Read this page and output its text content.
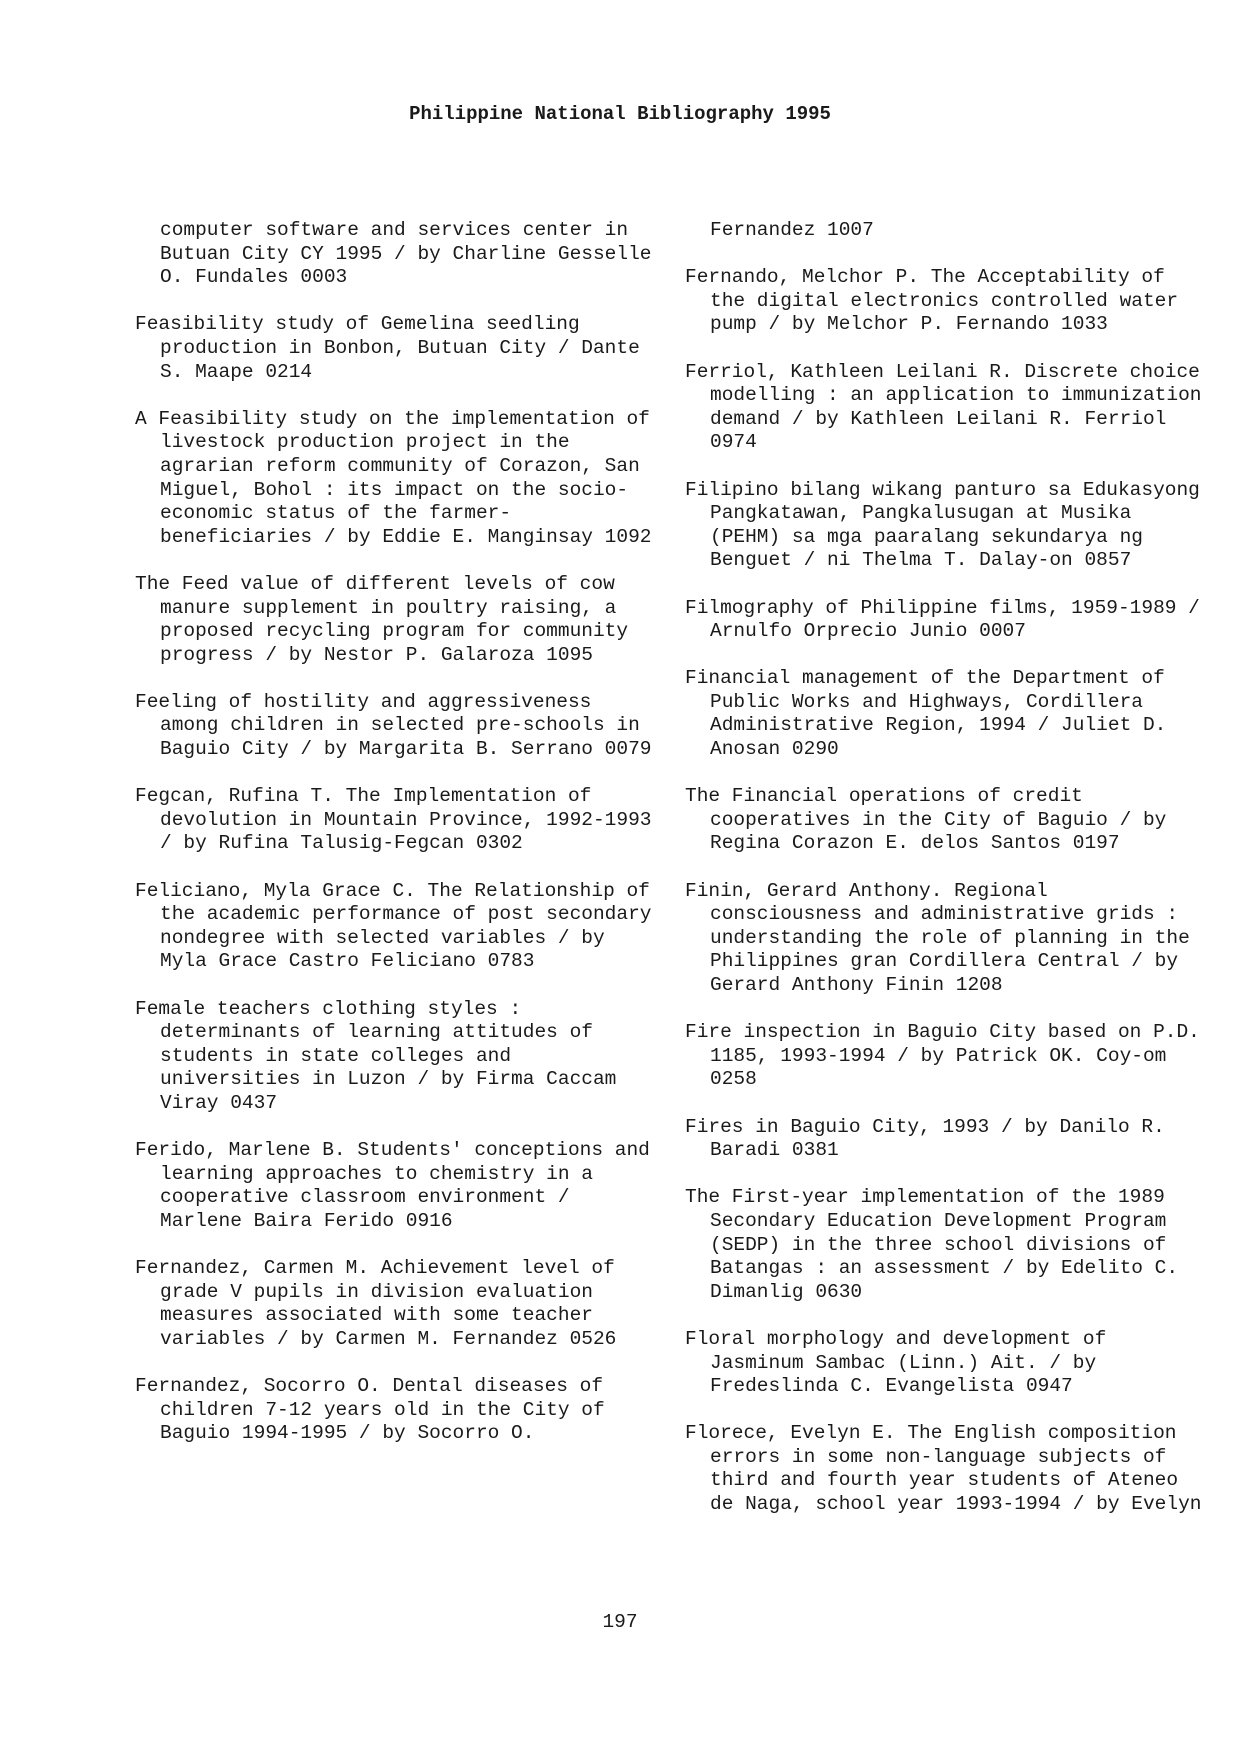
Philippine National Bibliography 1995

computer software and services center in Butuan City CY 1995 / by Charline Gesselle O. Fundales 0003

Feasibility study of Gemelina seedling production in Bonbon, Butuan City / Dante S. Maape 0214

A Feasibility study on the implementation of livestock production project in the agrarian reform community of Corazon, San Miguel, Bohol : its impact on the socio-economic status of the farmer-beneficiaries / by Eddie E. Manginsay 1092

The Feed value of different levels of cow manure supplement in poultry raising, a proposed recycling program for community progress / by Nestor P. Galaroza 1095

Feeling of hostility and aggressiveness among children in selected pre-schools in Baguio City / by Margarita B. Serrano 0079

Fegcan, Rufina T. The Implementation of devolution in Mountain Province, 1992-1993 / by Rufina Talusig-Fegcan 0302

Feliciano, Myla Grace C. The Relationship of the academic performance of post secondary nondegree with selected variables / by Myla Grace Castro Feliciano 0783

Female teachers clothing styles : determinants of learning attitudes of students in state colleges and universities in Luzon / by Firma Caccam Viray 0437

Ferido, Marlene B. Students' conceptions and learning approaches to chemistry in a cooperative classroom environment / Marlene Baira Ferido 0916

Fernandez, Carmen M. Achievement level of grade V pupils in division evaluation measures associated with some teacher variables / by Carmen M. Fernandez 0526

Fernandez, Socorro O. Dental diseases of children 7-12 years old in the City of Baguio 1994-1995 / by Socorro O.

Fernandez 1007

Fernando, Melchor P. The Acceptability of the digital electronics controlled water pump / by Melchor P. Fernando 1033

Ferriol, Kathleen Leilani R. Discrete choice modelling : an application to immunization demand / by Kathleen Leilani R. Ferriol 0974

Filipino bilang wikang panturo sa Edukasyong Pangkatawan, Pangkalusugan at Musika (PEHM) sa mga paaralang sekundarya ng Benguet / ni Thelma T. Dalay-on 0857

Filmography of Philippine films, 1959-1989 / Arnulfo Orprecio Junio 0007

Financial management of the Department of Public Works and Highways, Cordillera Administrative Region, 1994 / Juliet D. Anosan 0290

The Financial operations of credit cooperatives in the City of Baguio / by Regina Corazon E. delos Santos 0197

Finin, Gerard Anthony. Regional consciousness and administrative grids : understanding the role of planning in the Philippines gran Cordillera Central / by Gerard Anthony Finin 1208

Fire inspection in Baguio City based on P.D. 1185, 1993-1994 / by Patrick OK. Coy-om 0258

Fires in Baguio City, 1993 / by Danilo R. Baradi 0381

The First-year implementation of the 1989 Secondary Education Development Program (SEDP) in the three school divisions of Batangas : an assessment / by Edelito C. Dimanlig 0630

Floral morphology and development of Jasminum Sambac (Linn.) Ait. / by Fredeslinda C. Evangelista 0947

Florece, Evelyn E. The English composition errors in some non-language subjects of third and fourth year students of Ateneo de Naga, school year 1993-1994 / by Evelyn

197
